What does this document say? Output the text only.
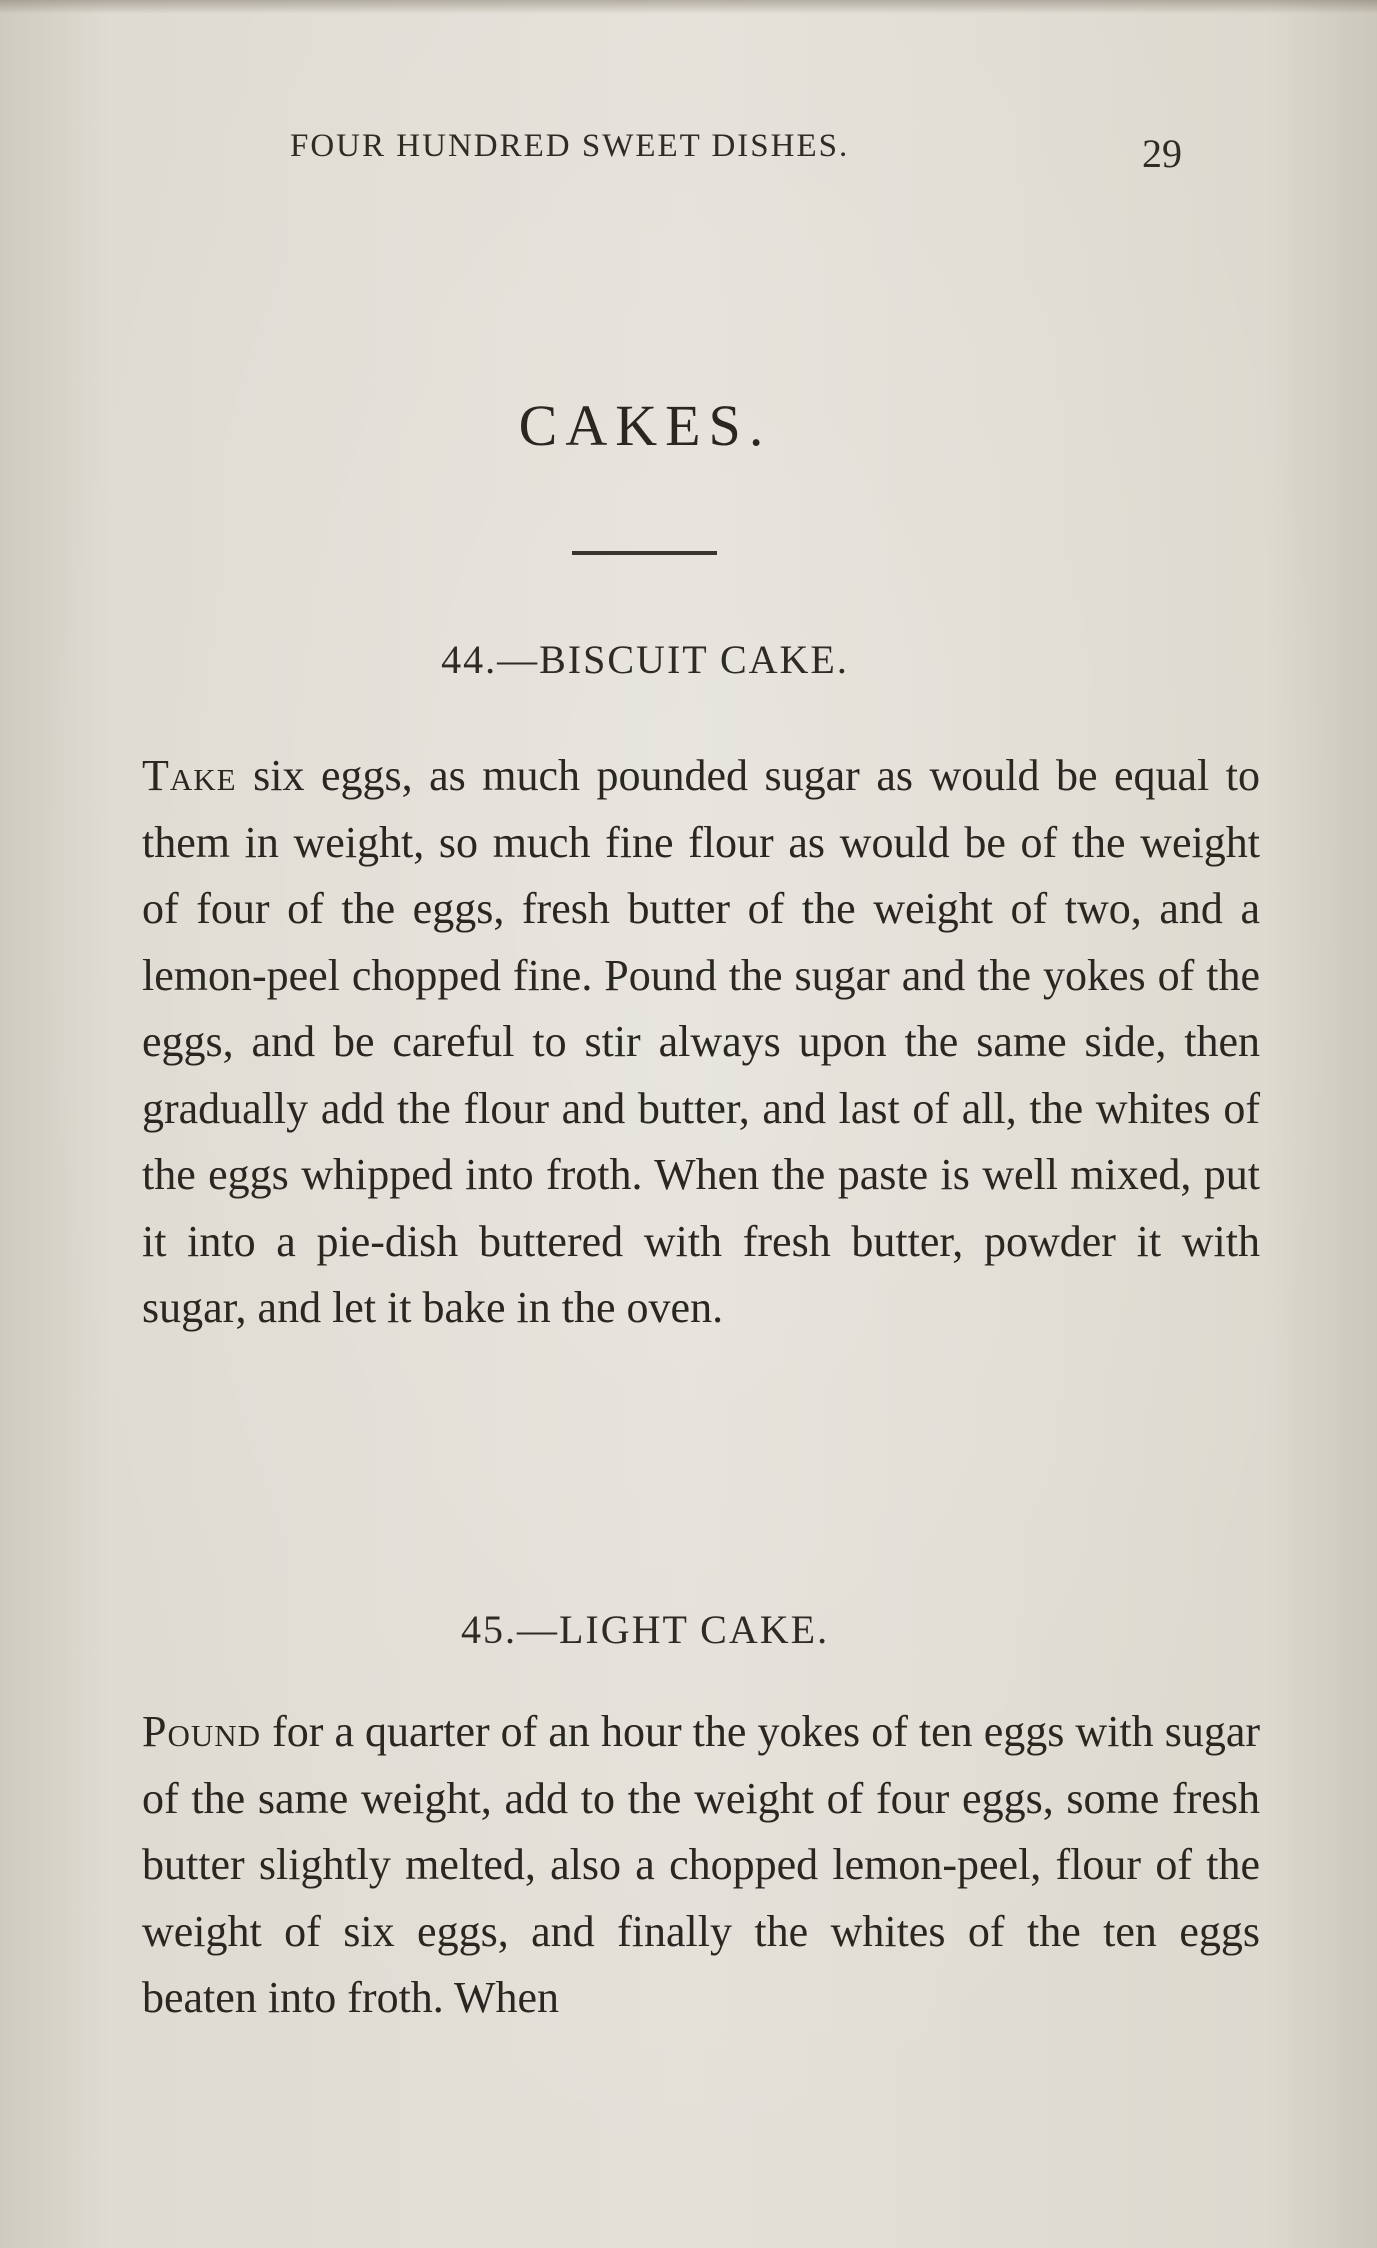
FOUR HUNDRED SWEET DISHES.	29
CAKES.
44.—BISCUIT CAKE.
Take six eggs, as much pounded sugar as would be equal to them in weight, so much fine flour as would be of the weight of four of the eggs, fresh butter of the weight of two, and a lemon-peel chopped fine. Pound the sugar and the yokes of the eggs, and be careful to stir always upon the same side, then gradually add the flour and butter, and last of all, the whites of the eggs whipped into froth. When the paste is well mixed, put it into a pie-dish buttered with fresh butter, powder it with sugar, and let it bake in the oven.
45.—LIGHT CAKE.
Pound for a quarter of an hour the yokes of ten eggs with sugar of the same weight, add to the weight of four eggs, some fresh butter slightly melted, also a chopped lemon-peel, flour of the weight of six eggs, and finally the whites of the ten eggs beaten into froth. When
